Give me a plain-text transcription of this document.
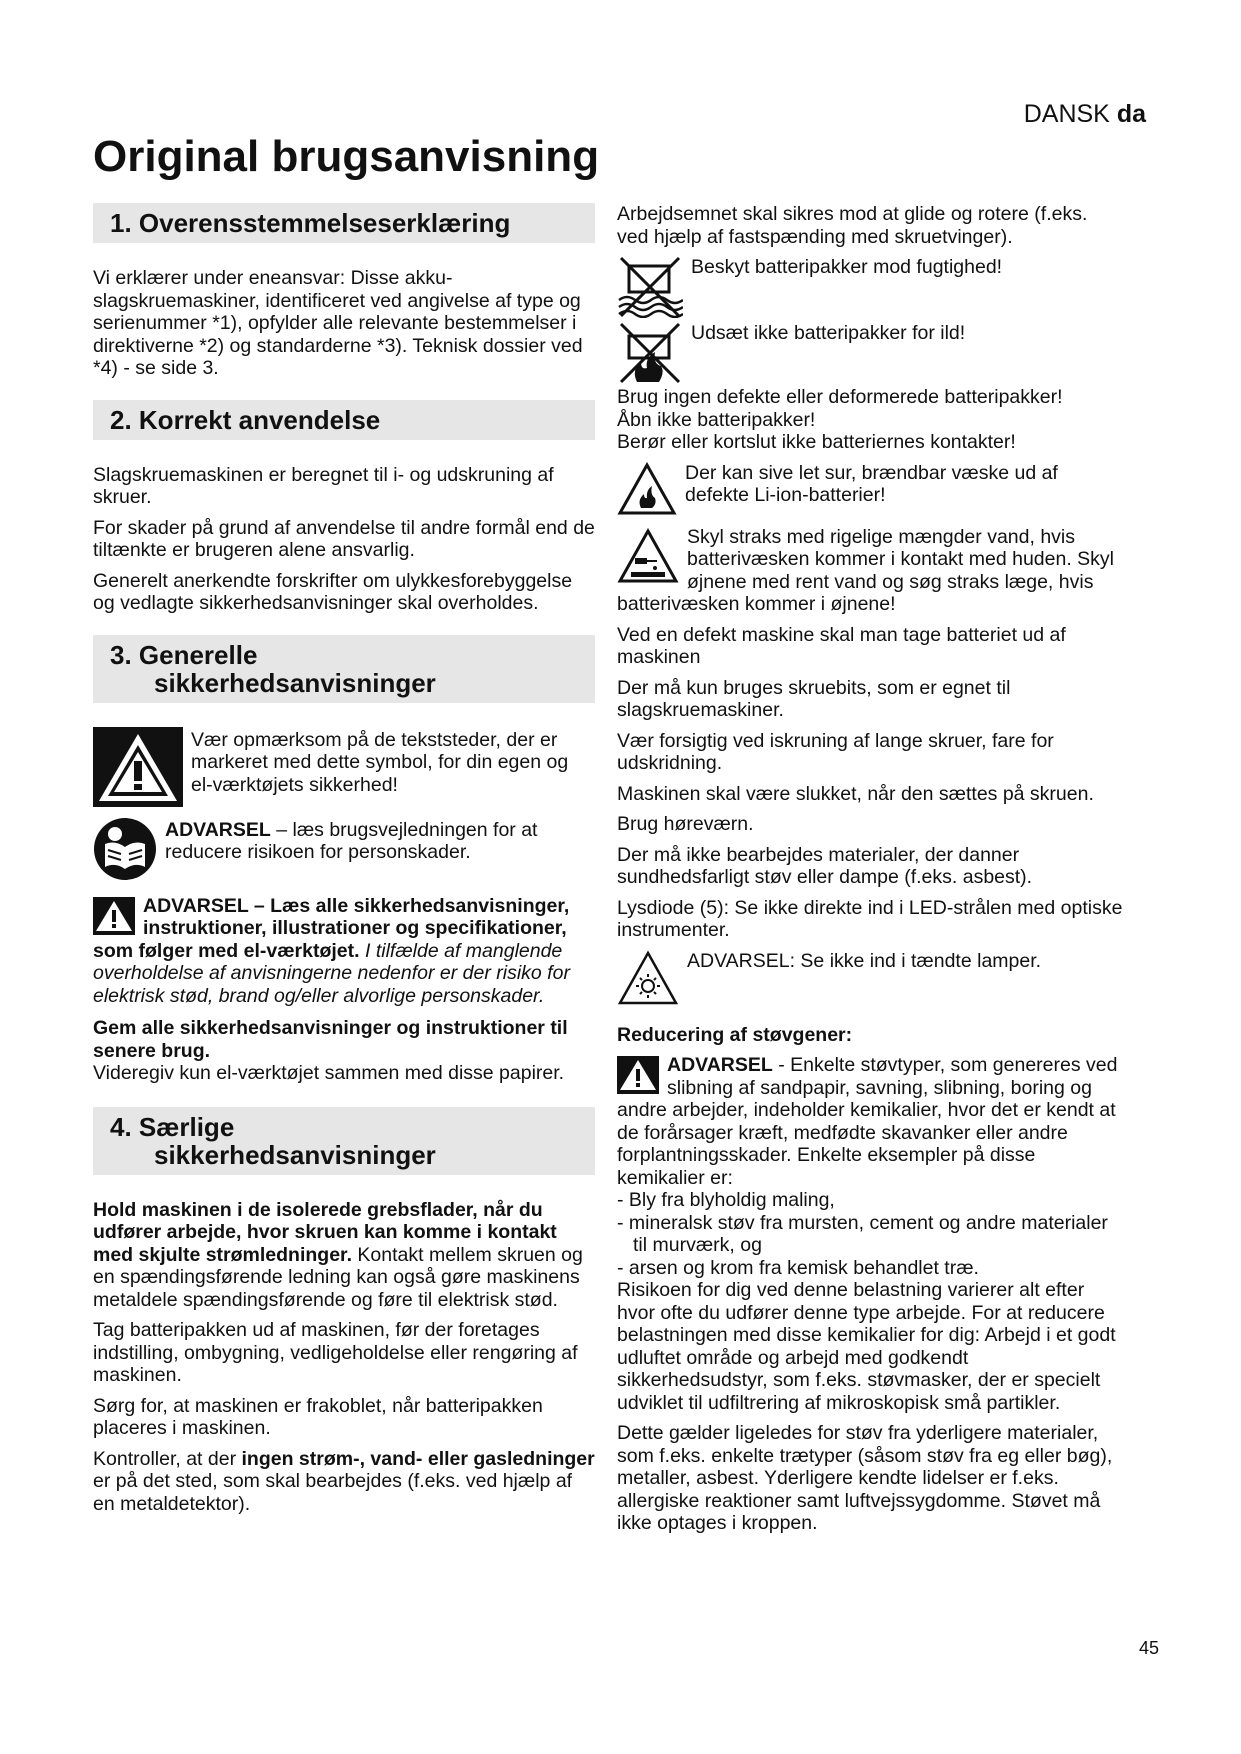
DANSK da
Original brugsanvisning
1. Overensstemmelseserklæring

Vi erklærer under eneansvar: Disse akku-slagskruemaskiner, identificeret ved angivelse af type og serienummer *1), opfylder alle relevante bestemmelser i direktiverne *2) og standarderne *3). Teknisk dossier ved *4) - se side 3.

2. Korrekt anvendelse

Slagskruemaskinen er beregnet til i- og udskruning af skruer.

For skader på grund af anvendelse til andre formål end de tiltænkte er brugeren alene ansvarlig.

Generelt anerkendte forskrifter om ulykkesforebyggelse og vedlagte sikkerhedsanvisninger skal overholdes.

3. Generelle
sikkerhedsanvisninger
Vær opmærksom på de tekststeder, der er markeret med dette symbol, for din egen og el-værktøjets sikkerhed!
ADVARSEL – læs brugsvejledningen for at reducere risikoen for personskader.
ADVARSEL – Læs alle sikkerhedsanvisninger, instruktioner, illustrationer og specifikationer, som følger med el-værktøjet. I tilfælde af manglende overholdelse af anvisningerne nedenfor er der risiko for elektrisk stød, brand og/eller alvorlige personskader.

Gem alle sikkerhedsanvisninger og instruktioner til senere brug.
Videregiv kun el-værktøjet sammen med disse papirer.

4. Særlige
sikkerhedsanvisninger

Hold maskinen i de isolerede grebsflader, når du udfører arbejde, hvor skruen kan komme i kontakt med skjulte strømledninger. Kontakt mellem skruen og en spændingsførende ledning kan også gøre maskinens metaldele spændingsførende og føre til elektrisk stød.

Tag batteripakken ud af maskinen, før der foretages indstilling, ombygning, vedligeholdelse eller rengøring af maskinen.

Sørg for, at maskinen er frakoblet, når batteripakken placeres i maskinen.

Kontroller, at der ingen strøm-, vand- eller gasledninger er på det sted, som skal bearbejdes (f.eks. ved hjælp af en metaldetektor).

Arbejdsemnet skal sikres mod at glide og rotere (f.eks. ved hjælp af fastspænding med skruetvinger).

Beskyt batteripakker mod fugtighed!
Udsæt ikke batteripakker for ild!

Brug ingen defekte eller deformerede batteripakker!
Åbn ikke batteripakker!
Berør eller kortslut ikke batteriernes kontakter!

Der kan sive let sur, brændbar væske ud af defekte Li-ion-batterier!
Skyl straks med rigelige mængder vand, hvis batterivæsken kommer i kontakt med huden. Skyl øjnene med rent vand og søg straks læge, hvis batterivæsken kommer i øjnene!

Ved en defekt maskine skal man tage batteriet ud af maskinen

Der må kun bruges skruebits, som er egnet til slagskruemaskiner.

Vær forsigtig ved iskruning af lange skruer, fare for udskridning.

Maskinen skal være slukket, når den sættes på skruen.

Brug høreværn.

Der må ikke bearbejdes materialer, der danner sundhedsfarligt støv eller dampe (f.eks. asbest).

Lysdiode (5): Se ikke direkte ind i LED-strålen med optiske instrumenter.

ADVARSEL: Se ikke ind i tændte lamper.
Reducering af støvgener:
ADVARSEL - Enkelte støvtyper, som genereres ved slibning af sandpapir, savning, slibning, boring og andre arbejder, indeholder kemikalier, hvor det er kendt at de forårsager kræft, medfødte skavanker eller andre forplantningsskader. Enkelte eksempler på disse kemikalier er:
- Bly fra blyholdig maling,
- mineralsk støv fra mursten, cement og andre materialer til murværk, og
- arsen og krom fra kemisk behandlet træ.

Risikoen for dig ved denne belastning varierer alt efter hvor ofte du udfører denne type arbejde. For at reducere belastningen med disse kemikalier for dig: Arbejd i et godt udluftet område og arbejd med godkendt sikkerhedsudstyr, som f.eks. støvmasker, der er specielt udviklet til udfiltrering af mikroskopisk små partikler.

Dette gælder ligeledes for støv fra yderligere materialer, som f.eks. enkelte trætyper (såsom støv fra eg eller bøg), metaller, asbest. Yderligere kendte lidelser er f.eks. allergiske reaktioner samt luftvejssygdomme. Støvet må ikke optages i kroppen.

45
